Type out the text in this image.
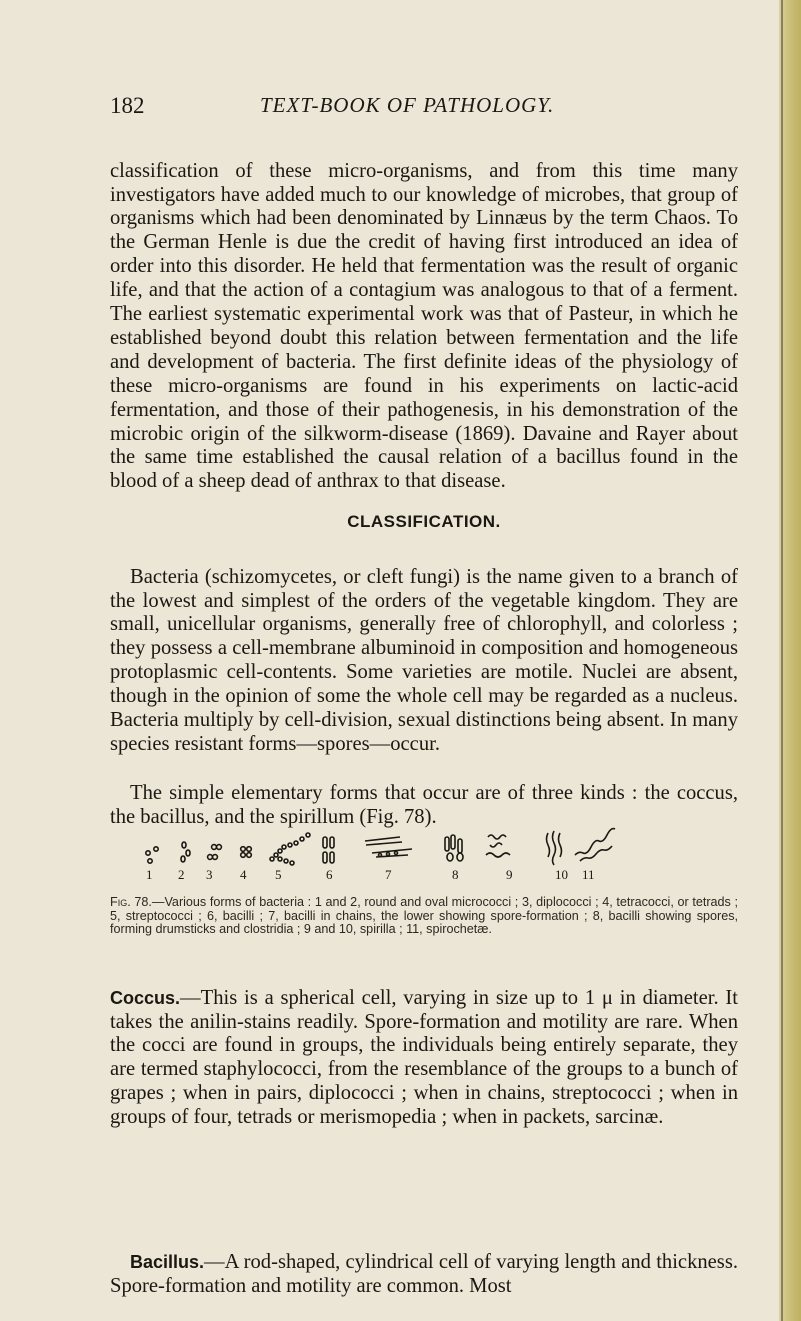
182	TEXT-BOOK OF PATHOLOGY.

classification of these micro-organisms, and from this time many investigators have added much to our knowledge of microbes, that group of organisms which had been denominated by Linnæus by the term Chaos. To the German Henle is due the credit of having first introduced an idea of order into this disorder. He held that fermentation was the result of organic life, and that the action of a contagium was analogous to that of a ferment. The earliest systematic experimental work was that of Pasteur, in which he established beyond doubt this relation between fermentation and the life and development of bacteria. The first definite ideas of the physiology of these micro-organisms are found in his experiments on lactic-acid fermentation, and those of their pathogenesis, in his demonstration of the microbic origin of the silkworm-disease (1869). Davaine and Rayer about the same time established the causal relation of a bacillus found in the blood of a sheep dead of anthrax to that disease.

CLASSIFICATION.

Bacteria (schizomycetes, or cleft fungi) is the name given to a branch of the lowest and simplest of the orders of the vegetable kingdom. They are small, unicellular organisms, generally free of chlorophyll, and colorless ; they possess a cell-membrane albuminoid in composition and homogeneous protoplasmic cell-contents. Some varieties are motile. Nuclei are absent, though in the opinion of some the whole cell may be regarded as a nucleus. Bacteria multiply by cell-division, sexual distinctions being absent. In many species resistant forms—spores—occur.

The simple elementary forms that occur are of three kinds : the coccus, the bacillus, and the spirillum (Fig. 78).

1 2 3 4 5	6	7	8	9	10 11
Fig. 78.—Various forms of bacteria : 1 and 2, round and oval micrococci ; 3, diplococci ; 4, tetracocci, or tetrads ; 5, streptococci ; 6, bacilli ; 7, bacilli in chains, the lower showing spore-formation ; 8, bacilli showing spores, forming drumsticks and clostridia ; 9 and 10, spirilla ; 11, spirochetæ.

Coccus.—This is a spherical cell, varying in size up to 1 μ in diameter. It takes the anilin-stains readily. Spore-formation and motility are rare. When the cocci are found in groups, the individuals being entirely separate, they are termed staphylococci, from the resemblance of the groups to a bunch of grapes ; when in pairs, diplococci ; when in chains, streptococci ; when in groups of four, tetrads or merismopedia ; when in packets, sarcinæ.

Bacillus.—A rod-shaped, cylindrical cell of varying length and thickness. Spore-formation and motility are common. Most
